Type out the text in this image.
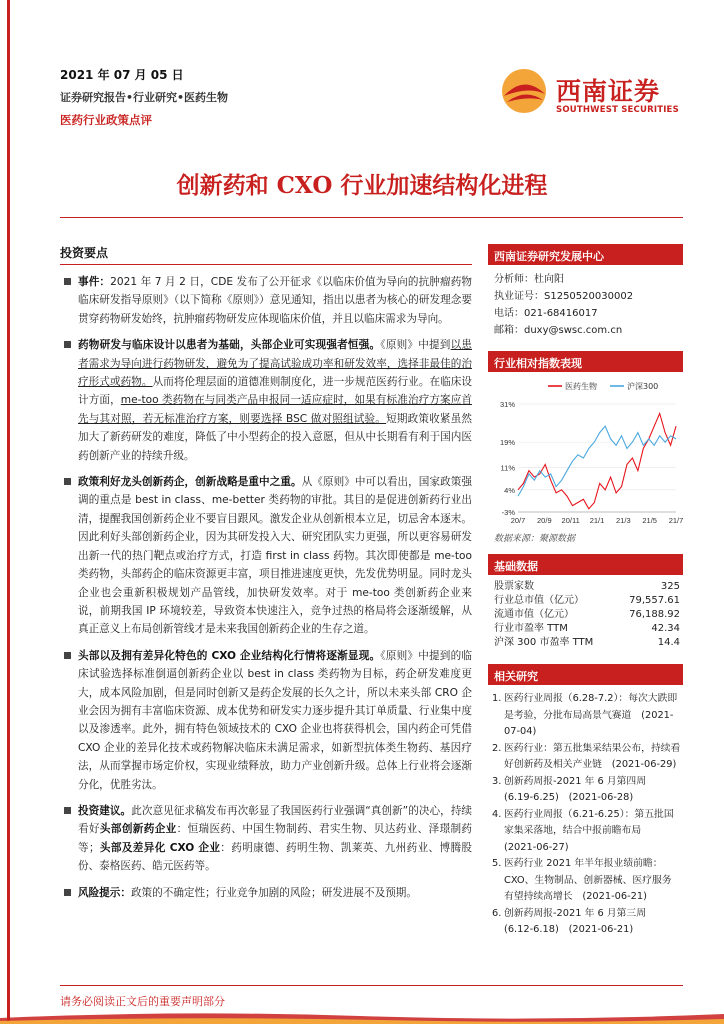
2021 年 07 月 05 日
证券研究报告•行业研究•医药生物
医药行业政策点评
西南证券
SOUTHWEST SECURITIES
创新药和 CXO 行业加速结构化进程
投资要点
事件：2021 年 7 月 2 日，CDE 发布了公开征求《以临床价值为导向的抗肿瘤药物临床研发指导原则》（以下简称《原则》）意见通知，指出以患者为核心的研发理念要贯穿药物研发始终，抗肿瘤药物研发应体现临床价值，并且以临床需求为导向。
药物研发与临床设计以患者为基础，头部企业可实现强者恒强。《原则》中提到以患者需求为导向进行药物研发，避免为了提高试验成功率和研发效率，选择非最佳的治疗形式或药物。从而将伦理层面的道德准则制度化，进一步规范医药行业。在临床设计方面，me-too 类药物在与同类产品申报同一适应症时，如果有标准治疗方案应首先与其对照，若无标准治疗方案，则要选择 BSC 做对照组试验。短期政策收紧虽然加大了新药研发的难度，降低了中小型药企的投入意愿，但从中长期看有利于国内医药创新产业的持续升级。
政策利好龙头创新药企，创新战略是重中之重。从《原则》中可以看出，国家政策强调的重点是 best in class、me-better 类药物的审批。其目的是促进创新药行业出清，提醒我国创新药企业不要盲目跟风。激发企业从创新根本立足，切忌舍本逐末。因此利好头部创新药企业，因为其研发投入大、研究团队实力更强，所以更容易研发出新一代的热门靶点或治疗方式，打造 first in class 药物。其次即使都是 me-too 类药物，头部药企的临床资源更丰富，项目推进速度更快，先发优势明显。同时龙头企业也会重新积极规划产品管线，加快研发效率。对于 me-too 类创新药企业来说，前期我国 IP 环境较差，导致资本快速注入，竞争过热的格局将会逐渐缓解，从真正意义上布局创新管线才是未来我国创新药企业的生存之道。
头部以及拥有差异化特色的 CXO 企业结构化行情将逐渐显现。《原则》中提到的临床试验选择标准倒逼创新药企业以 best in class 类药物为目标，药企研发难度更大，成本风险加剧，但是同时创新又是药企发展的长久之计，所以未来头部 CRO 企业会因为拥有丰富临床资源、成本优势和研发实力逐步提升其订单质量、行业集中度以及渗透率。此外，拥有特色领域技术的 CXO 企业也将获得机会，国内药企可凭借 CXO 企业的差异化技术或药物解决临床未满足需求，如新型抗体类生物药、基因疗法，从而掌握市场定价权，实现业绩释放，助力产业创新升级。总体上行业将会逐渐分化，优胜劣汰。
投资建议。此次意见征求稿发布再次彰显了我国医药行业强调“真创新”的决心，持续看好头部创新药企业：恒瑞医药、中国生物制药、君实生物、贝达药业、泽璟制药等；头部及差异化 CXO 企业：药明康德、药明生物、凯莱英、九州药业、博腾股份、泰格医药、皓元医药等。
风险提示：政策的不确定性；行业竞争加剧的风险；研发进展不及预期。
西南证券研究发展中心
分析师：杜向阳
执业证号：S1250520030002
电话：021-68416017
邮箱：duxy@swsc.com.cn
行业相对指数表现
31%
19%
11%
4%
-3%
20/7 20/9 20/11 21/1 21/3 21/5 21/7
医药生物	沪深300
数据来源：聚源数据
基础数据
股票家数	325
行业总市值（亿元）	79,557.61
流通市值（亿元）	76,188.92
行业市盈率 TTM	42.34
沪深 300 市盈率 TTM	14.4
相关研究
1. 医药行业周报（6.28-7.2）：每次大跌即是考验，分批布局高景气赛道　(2021-07-04)
2. 医药行业：第五批集采结果公布，持续看好创新药及相关产业链　(2021-06-29)
3. 创新药周报-2021 年 6 月第四周　(6.19-6.25)　(2021-06-28)
4. 医药行业周报（6.21-6.25）：第五批国家集采落地，结合中报前瞻布局　(2021-06-27)
5. 医药行业 2021 年半年报业绩前瞻：CXO、生物制品、创新器械、医疗服务有望持续高增长　(2021-06-21)
6. 创新药周报-2021 年 6 月第三周　(6.12-6.18)　(2021-06-21)
请务必阅读正文后的重要声明部分
